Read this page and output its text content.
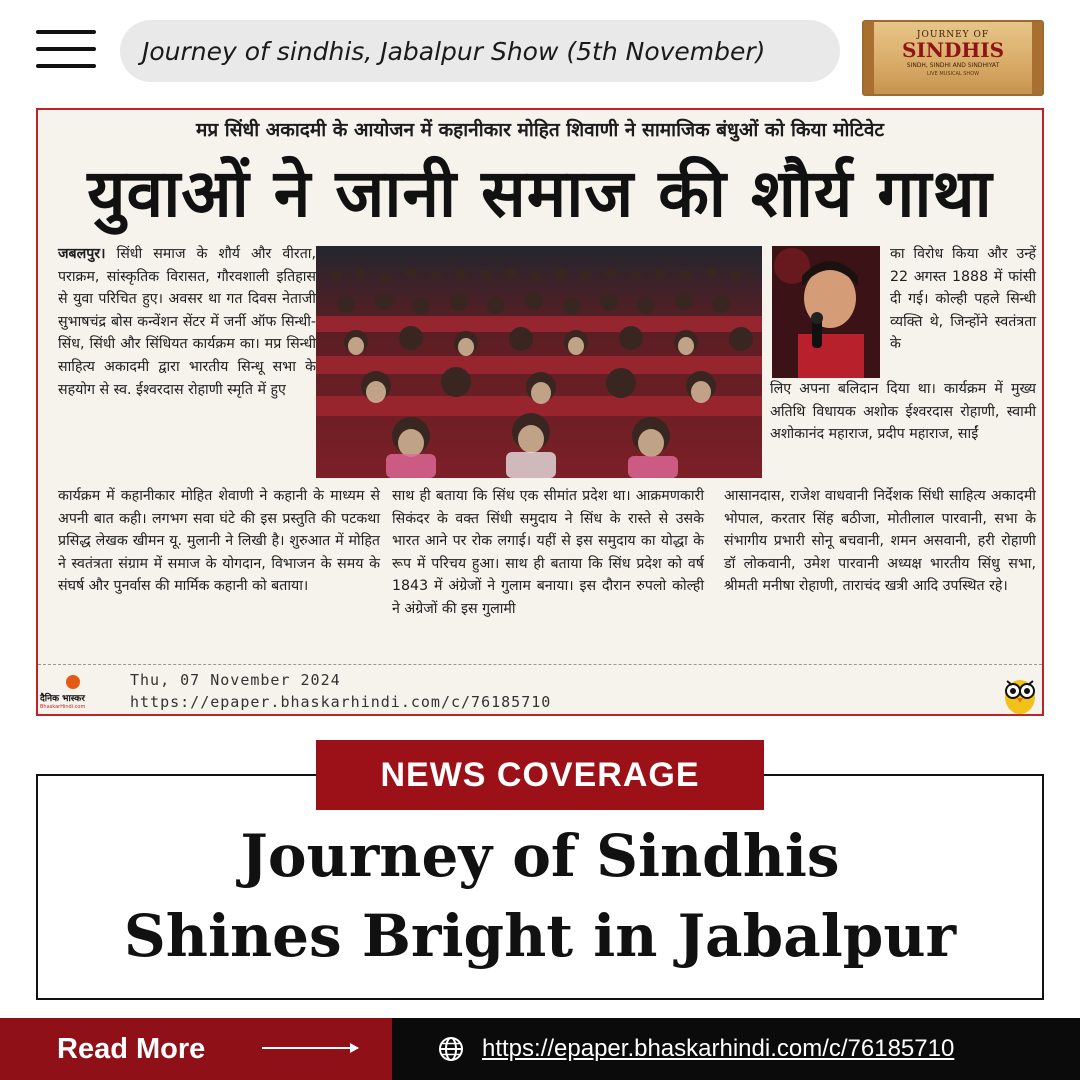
Journey of sindhis, Jabalpur Show (5th November)
JOURNEY OF
SINDHIS
SINDH, SINDHI AND SINDHIYAT
LIVE MUSICAL SHOW
मप्र सिंधी अकादमी के आयोजन में कहानीकार मोहित शिवाणी ने सामाजिक बंधुओं को किया मोटिवेट
युवाओं ने जानी समाज की शौर्य गाथा
जबलपुर। सिंधी समाज के शौर्य और वीरता, पराक्रम, सांस्कृतिक विरासत, गौरवशाली इतिहास से युवा परिचित हुए। अवसर था गत दिवस नेताजी सुभाषचंद्र बोस कन्वेंशन सेंटर में जर्नी ऑफ सिन्धी- सिंध, सिंधी और सिंधियत कार्यक्रम का। मप्र सिन्धी साहित्य अकादमी द्वारा भारतीय सिन्धू सभा के सहयोग से स्व. ईश्वरदास रोहाणी स्मृति में हुए
का विरोध किया और उन्हें 22 अगस्त 1888 में फांसी दी गई। कोल्ही पहले सिन्धी व्यक्ति थे, जिन्होंने स्वतंत्रता के
लिए अपना बलिदान दिया था। कार्यक्रम में मुख्य अतिथि विधायक अशोक ईश्वरदास रोहाणी, स्वामी अशोकानंद महाराज, प्रदीप महाराज, साईं
कार्यक्रम में कहानीकार मोहित शेवाणी ने कहानी के माध्यम से अपनी बात कही। लगभग सवा घंटे की इस प्रस्तुति की पटकथा प्रसिद्ध लेखक खीमन यू. मुलानी ने लिखी है। शुरुआत में मोहित ने स्वतंत्रता संग्राम में समाज के योगदान, विभाजन के समय के संघर्ष और पुनर्वास की मार्मिक कहानी को बताया।
साथ ही बताया कि सिंध एक सीमांत प्रदेश था। आक्रमणकारी सिकंदर के वक्त सिंधी समुदाय ने सिंध के रास्ते से उसके भारत आने पर रोक लगाई। यहीं से इस समुदाय का योद्धा के रूप में परिचय हुआ। साथ ही बताया कि सिंध प्रदेश को वर्ष 1843 में अंग्रेजों ने गुलाम बनाया। इस दौरान रुपलो कोल्ही ने अंग्रेजों की इस गुलामी
आसानदास, राजेश वाधवानी निर्देशक सिंधी साहित्य अकादमी भोपाल, करतार सिंह बठीजा, मोतीलाल पारवानी, सभा के संभागीय प्रभारी सोनू बचवानी, शमन असवानी, हरी रोहाणी डॉ लोकवानी, उमेश पारवानी अध्यक्ष भारतीय सिंधु सभा, श्रीमती मनीषा रोहाणी, ताराचंद खत्री आदि उपस्थित रहे।
दैनिक भास्कर
BhaskarHindi.com
Thu, 07 November 2024
https://epaper.bhaskarhindi.com/c/76185710
NEWS COVERAGE
Journey of Sindhis
Shines Bright in Jabalpur
Read More	https://epaper.bhaskarhindi.com/c/76185710
